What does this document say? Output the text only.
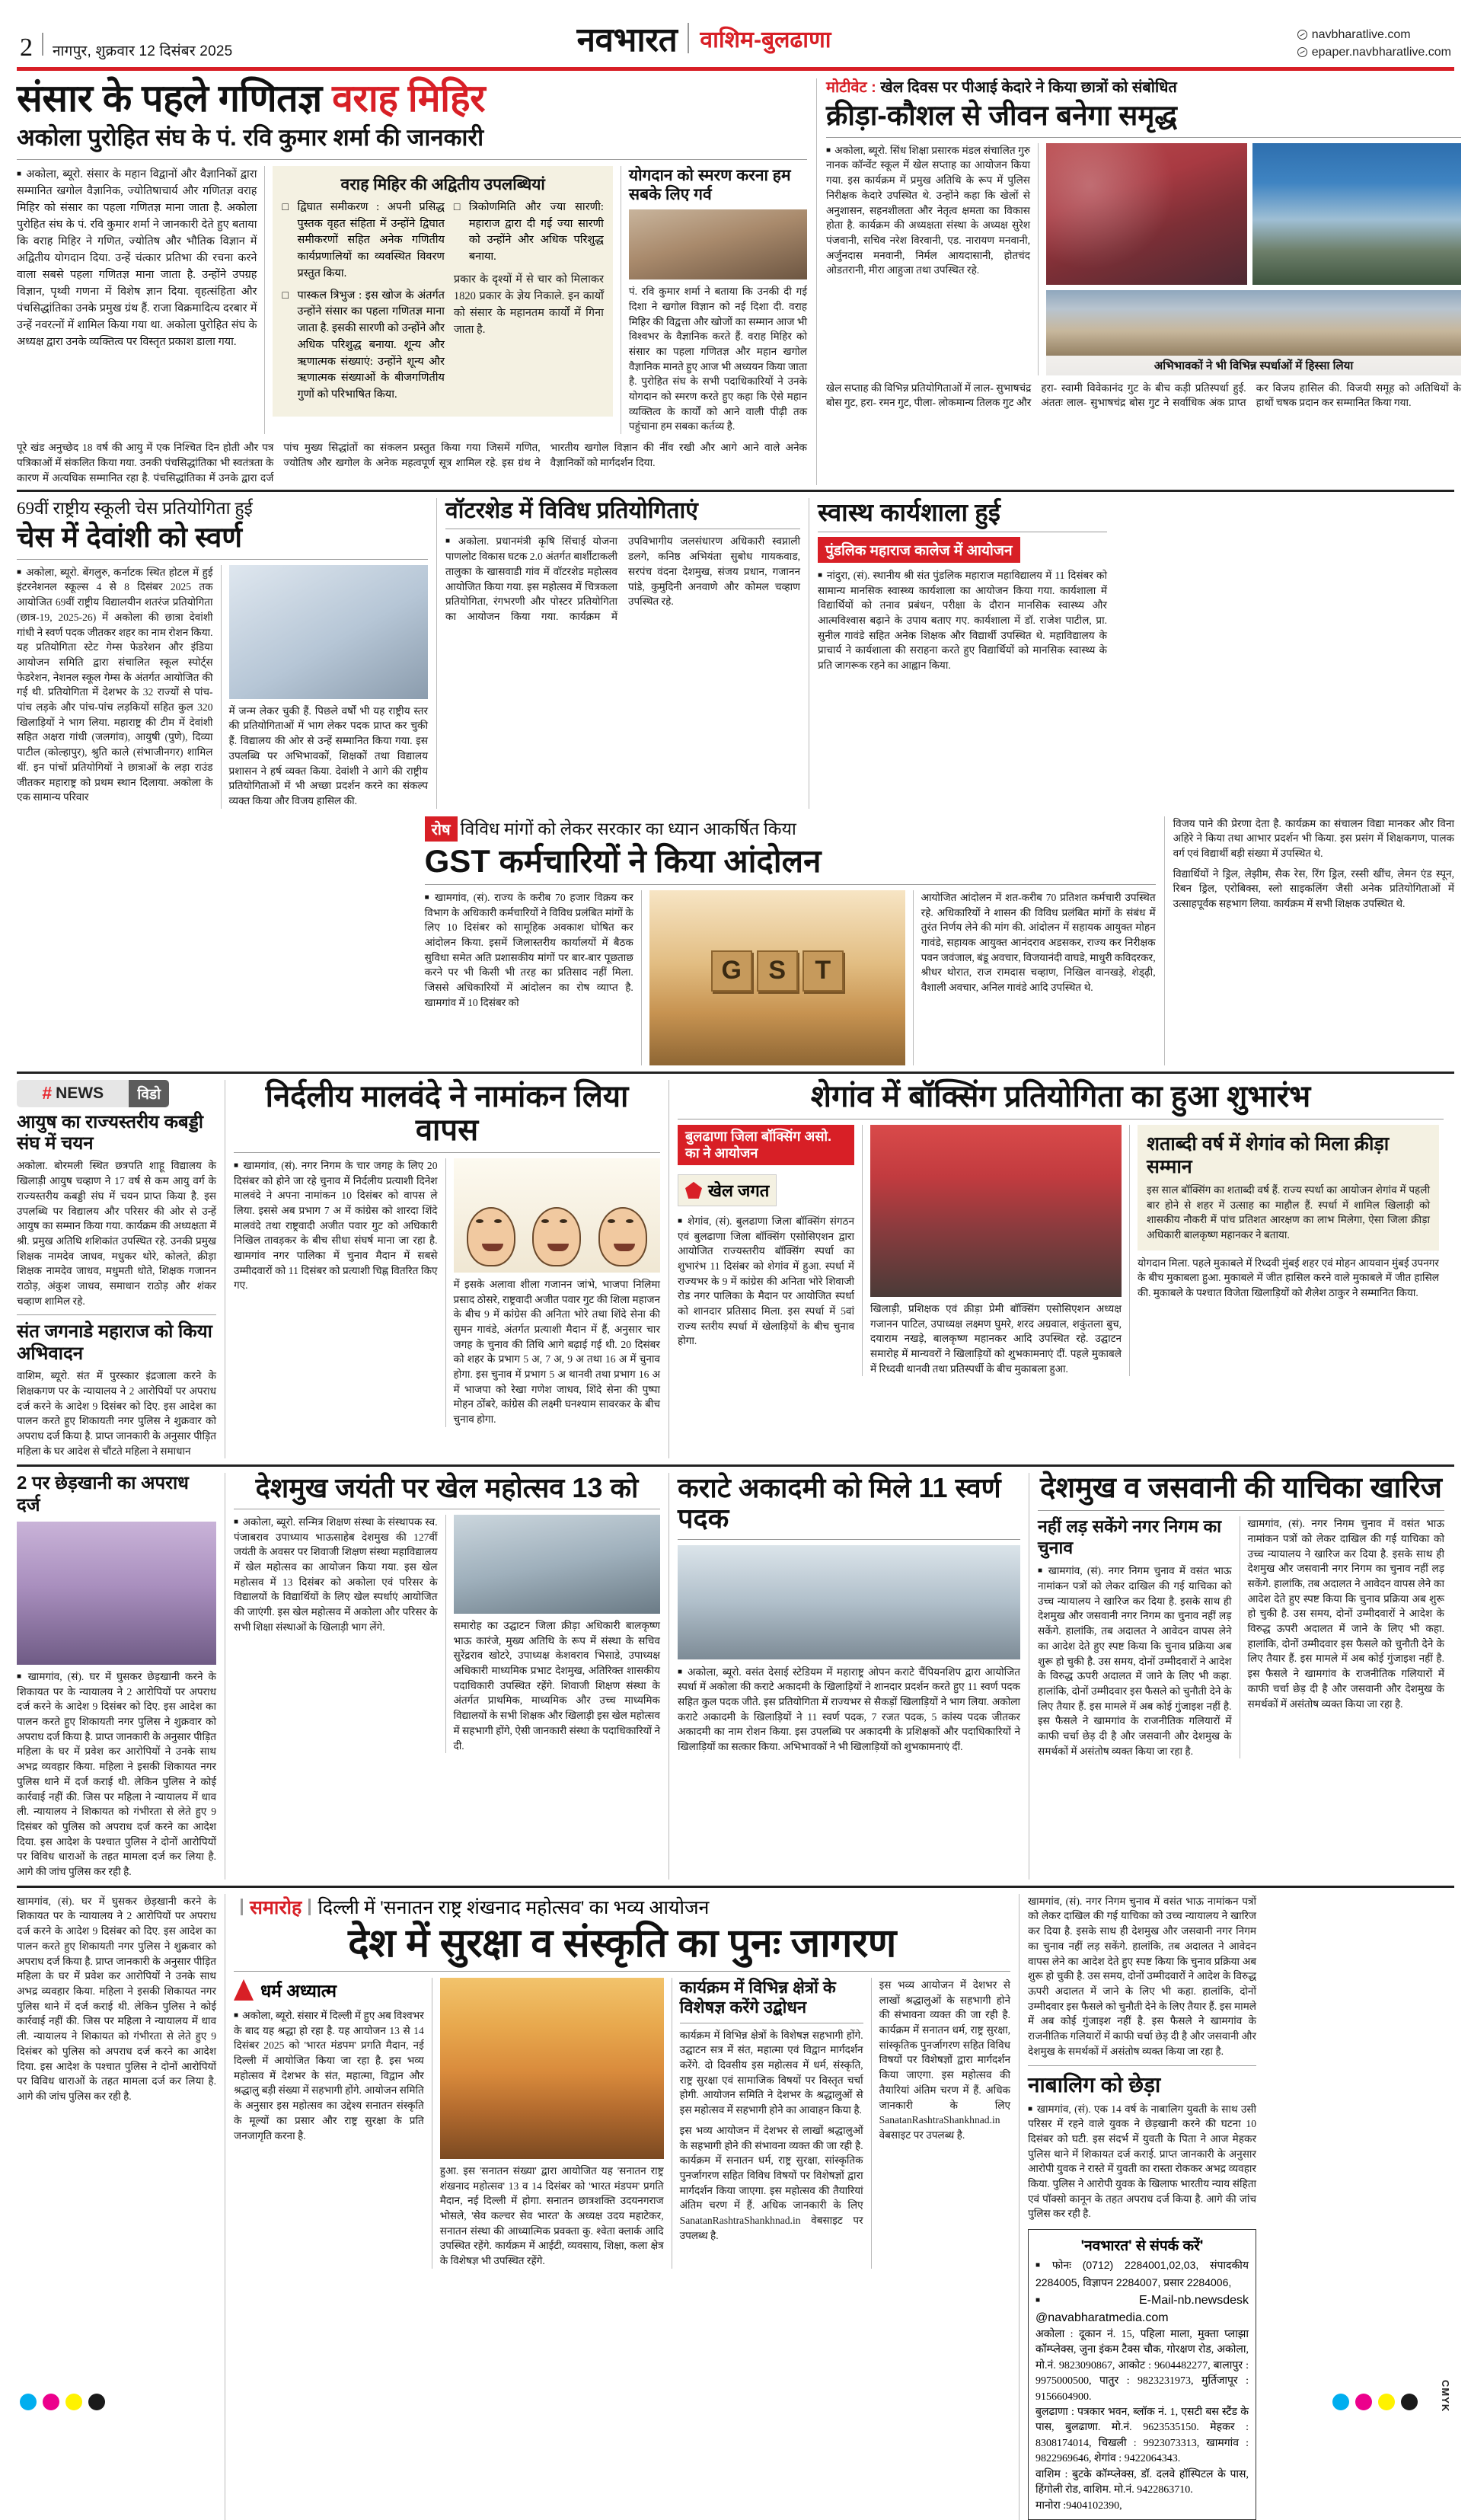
2 नागपुर, शुक्रवार 12 दिसंबर 2025	नवभारत वाशिम-बुलढाणा	navbharatlive.com
epaper.navbharatlive.com
संसार के पहले गणितज्ञ वराह मिहिर
अकोला पुरोहित संघ के पं. रवि कुमार शर्मा की जानकारी

■ अकोला, ब्यूरो. संसार के महान विद्वानों और वैज्ञानिकों द्वारा सम्मानित खगोल वैज्ञानिक, ज्योतिषाचार्य और गणितज्ञ वराह मिहिर को संसार का पहला गणितज्ञ माना जाता है. अकोला पुरोहित संघ के पं. रवि कुमार शर्मा ने जानकारी देते हुए बताया कि वराह मिहिर ने गणित, ज्योतिष और भौतिक विज्ञान में अद्वितीय योगदान दिया. उन्हें चंत्कार प्रतिभा की रचना करने वाला सबसे पहला गणितज्ञ माना जाता है. उन्होंने उपग्रह विज्ञान, पृथ्वी गणना में विशेष ज्ञान दिया. वृहत्संहिता और पंचसिद्धांतिका उनके प्रमुख ग्रंथ हैं. राजा विक्रमादित्य दरबार में उन्हें नवरत्नों में शामिल किया गया था. अकोला पुरोहित संघ के अध्यक्ष द्वारा उनके व्यक्तित्व पर विस्तृत प्रकाश डाला गया.

वराह मिहिर की अद्वितीय उपलब्धियां
□ द्विघात समीकरण : अपनी प्रसिद्ध पुस्तक वृहत संहिता में उन्होंने द्विघात समीकरणों सहित अनेक गणितीय कार्यप्रणालियों का व्यवस्थित विवरण प्रस्तुत किया.
□ पास्कल त्रिभुज : इस खोज के अंतर्गत उन्होंने संसार का पहला गणितज्ञ माना जाता है. इसकी सारणी को उन्होंने और अधिक परिशुद्ध बनाया. शून्य और ऋणात्मक संख्याएं: उन्होंने शून्य और ऋणात्मक संख्याओं के बीजगणितीय गुणों को परिभाषित किया.
□ त्रिकोणमिति और ज्या सारणी: महाराज द्वारा दी गई ज्या सारणी को उन्होंने और अधिक परिशुद्ध बनाया.

प्रकार के दृश्यों में से चार को मिलाकर 1820 प्रकार के ज्ञेय निकाले. इन कार्यों को संसार के महानतम कार्यों में गिना जाता है.

योगदान को स्मरण करना हम सबके लिए गर्व

पं. रवि कुमार शर्मा ने बताया कि उनकी दी गई दिशा ने खगोल विज्ञान को नई दिशा दी. वराह मिहिर की विद्वत्ता और खोजों का सम्मान आज भी विश्वभर के वैज्ञानिक करते हैं. वराह मिहिर को संसार का पहला गणितज्ञ और महान खगोल वैज्ञानिक मानते हुए आज भी अध्ययन किया जाता है. पुरोहित संघ के सभी पदाधिकारियों ने उनके योगदान को स्मरण करते हुए कहा कि ऐसे महान व्यक्तित्व के कार्यों को आने वाली पीढ़ी तक पहुंचाना हम सबका कर्तव्य है.

पूरे खंड अनुच्छेद 18 वर्ष की आयु में एक निश्चित दिन होती और पत्र पत्रिकाओं में संकलित किया गया. उनकी पंचसिद्धांतिका भी स्वतंत्रता के कारण में अत्यधिक सम्मानित रहा है. पंचसिद्धांतिका में उनके द्वारा दर्ज पांच मुख्य सिद्धांतों का संकलन प्रस्तुत किया गया जिसमें गणित, ज्योतिष और खगोल के अनेक महत्वपूर्ण सूत्र शामिल रहे. इस ग्रंथ ने भारतीय खगोल विज्ञान की नींव रखी और आगे आने वाले अनेक वैज्ञानिकों को मार्गदर्शन दिया.

मोटीवेट : खेल दिवस पर पीआई केदारे ने किया छात्रों को संबोधित
क्रीड़ा-कौशल से जीवन बनेगा समृद्ध

■ अकोला, ब्यूरो. सिंध शिक्षा प्रसारक मंडल संचालित गुरु नानक कॉन्वेंट स्कूल में खेल सप्ताह का आयोजन किया गया. इस कार्यक्रम में प्रमुख अतिथि के रूप में पुलिस निरीक्षक केदारे उपस्थित थे. उन्होंने कहा कि खेलों से अनुशासन, सहनशीलता और नेतृत्व क्षमता का विकास होता है. कार्यक्रम की अध्यक्षता संस्था के अध्यक्ष सुरेश पंजवानी, सचिव नरेश विरवानी, एड. नारायण मनवानी, अर्जुनदास मनवानी, निर्मल आयदासानी, होतचंद ओडतरानी, मीरा आहुजा तथा उपस्थित रहे.

अभिभावकों ने भी विभिन्न स्पर्धाओं में हिस्सा लिया

खेल सप्ताह की विभिन्न प्रतियोगिताओं में लाल- सुभाषचंद्र बोस गुट, हरा- रमन गुट, पीला- लोकमान्य तिलक गुट और हरा- स्वामी विवेकानंद गुट के बीच कड़ी प्रतिस्पर्धा हुई. अंततः लाल- सुभाषचंद्र बोस गुट ने सर्वाधिक अंक प्राप्त कर विजय हासिल की. विजयी समूह को अतिथियों के हाथों चषक प्रदान कर सम्मानित किया गया.

69वीं राष्ट्रीय स्कूली चेस प्रतियोगिता हुई
चेस में देवांशी को स्वर्ण

■ अकोला, ब्यूरो. बेंगलुरु, कर्नाटक स्थित होटल में हुई इंटरनेशनल स्कूल्स 4 से 8 दिसंबर 2025 तक आयोजित 69वीं राष्ट्रीय विद्यालयीन शतरंज प्रतियोगिता (छात्र-19, 2025-26) में अकोला की छात्रा देवांशी गांधी ने स्वर्ण पदक जीतकर शहर का नाम रोशन किया. यह प्रतियोगिता स्टेट गेम्स फेडरेशन और इंडिया आयोजन समिति द्वारा संचालित स्कूल स्पोर्ट्स फेडरेशन, नेशनल स्कूल गेम्स के अंतर्गत आयोजित की गई थी. प्रतियोगिता में देशभर के 32 राज्यों से पांच-पांच लड़के और पांच-पांच लड़कियों सहित कुल 320 खिलाड़ियों ने भाग लिया. महाराष्ट्र की टीम में देवांशी सहित अक्षरा गांधी (जलगांव), आयुषी (पुणे), दिव्या पाटील (कोल्हापुर), श्रुति कालेे (संभाजीनगर) शामिल थीं. इन पांचों प्रतियोगियों ने छात्राओं के लड़ा राउंड जीतकर महाराष्ट्र को प्रथम स्थान दिलाया. अकोला के एक सामान्य परिवार

में जन्म लेकर चुकी हैं. पिछले वर्षों भी यह राष्ट्रीय स्तर की प्रतियोगिताओं में भाग लेकर पदक प्राप्त कर चुकी हैं. विद्यालय की ओर से उन्हें सम्मानित किया गया. इस उपलब्धि पर अभिभावकों, शिक्षकों तथा विद्यालय प्रशासन ने हर्ष व्यक्त किया. देवांशी ने आगे की राष्ट्रीय प्रतियोगिताओं में भी अच्छा प्रदर्शन करने का संकल्प व्यक्त किया और विजय हासिल की.

वॉटरशेड में विविध प्रतियोगिताएं

■ अकोला. प्रधानमंत्री कृषि सिंचाई योजना पाणलोट विकास घटक 2.0 अंतर्गत बार्शीटाकली तालुका के खासवाडी गांव में वॉटरशेड महोत्सव आयोजित किया गया. इस महोत्सव में चित्रकला प्रतियोगिता, रंगभरणी और पोस्टर प्रतियोगिता का आयोजन किया गया. कार्यक्रम में उपविभागीय जलसंधारण अधिकारी स्वप्नाली डलगे, कनिष्ठ अभियंता सुबोध गायकवाड, सरपंच वंदना देशमुख, संजय प्रधान, गजानन पांडे, कुमुदिनी अनवाणे और कोमल चव्हाण उपस्थित रहे.

स्वास्थ कार्यशाला हुई
पुंडलिक महाराज कालेज में आयोजन

■ नांदुरा, (सं). स्थानीय श्री संत पुंडलिक महाराज महाविद्यालय में 11 दिसंबर को सामान्य मानसिक स्वास्थ्य कार्यशाला का आयोजन किया गया. कार्यशाला में विद्यार्थियों को तनाव प्रबंधन, परीक्षा के दौरान मानसिक स्वास्थ्य और आत्मविश्वास बढ़ाने के उपाय बताए गए. कार्यशाला में डॉ. राजेश पाटील, प्रा. सुनील गावंडे सहित अनेक शिक्षक और विद्यार्थी उपस्थित थे. महाविद्यालय के प्राचार्य ने कार्यशाला की सराहना करते हुए विद्यार्थियों को मानसिक स्वास्थ्य के प्रति जागरूक रहने का आह्वान किया.

रोष विविध मांगों को लेकर सरकार का ध्यान आकर्षित किया
GST कर्मचारियों ने किया आंदोलन

■ खामगांव, (सं). राज्य के करीब 70 हजार विक्रय कर विभाग के अधिकारी कर्मचारियों ने विविध प्रलंबित मांगों के लिए 10 दिसंबर को सामूहिक अवकाश घोषित कर आंदोलन किया. इसमें जिलास्तरीय कार्यालयों में बैठक सुविधा समेत अति प्रशासकीय मांगों पर बार-बार पूछताछ करने पर भी किसी भी तरह का प्रतिसाद नहीं मिला. जिससे अधिकारियों में आंदोलन का रोष व्याप्त है. खामगांव में 10 दिसंबर को

G	S	T

आयोजित आंदोलन में शत-करीब 70 प्रतिशत कर्मचारी उपस्थित रहे. अधिकारियों ने शासन की विविध प्रलंबित मांगों के संबंध में तुरंत निर्णय लेने की मांग की. आंदोलन में सहायक आयुक्त मोहन गावंडे, सहायक आयुक्त आनंदराव अडसकर, राज्य कर निरीक्षक पवन जवंजाल, बंडू अवचार, विजयानंदी वाघडे, माधुरी कविदरकर, श्रीधर थोरात, राज रामदास चव्हाण, निखिल वानखड़े, शेड्ढ़ी, वैशाली अवचार, अनिल गावंडे आदि उपस्थित थे.

विजय पाने की प्रेरणा देता है. कार्यक्रम का संचालन विद्या मानकर और विना अहिरे ने किया तथा आभार प्रदर्शन भी किया. इस प्रसंग में शिक्षकगण, पालक वर्ग एवं विद्यार्थी बड़ी संख्या में उपस्थित थे.

विद्यार्थियों ने ड्रिल, लेझीम, सैक रेस, रिंग ड्रिल, रस्सी खींच, लेमन एंड स्पून, रिबन ड्रिल, एरोबिक्स, स्लो साइकलिंग जैसी अनेक प्रतियोगिताओं में उत्साहपूर्वक सहभाग लिया. कार्यक्रम में सभी शिक्षक उपस्थित थे.

# NEWS	विडो
आयुष का राज्यस्तरीय कबड्डी संघ में चयन

अकोला. बोरमली स्थित छत्रपति शाहू विद्यालय के खिलाड़ी आयुष चव्हाण ने 17 वर्ष से कम आयु वर्ग के राज्यस्तरीय कबड्डी संघ में चयन प्राप्त किया है. इस उपलब्धि पर विद्यालय और परिसर की ओर से उन्हें आयुष का सम्मान किया गया. कार्यक्रम की अध्यक्षता में श्री. प्रमुख अतिथि शशिकांत उपस्थित रहे. उनकी प्रमुख शिक्षक नामदेव जाधव, मधुकर थोरे, कोलते, क्रीड़ा शिक्षक नामदेव जाधव, मधुमती धोते, शिक्षक गजानन राठोड़, अंकुश जाधव, समाधान राठोड़ और शंकर चव्हाण शामिल रहे.

संत जगनाडे महाराज को किया अभिवादन

वाशिम, ब्यूरो. संत में पुरस्कार इंद्रजाला करने के शिक्षकगण पर के न्यायालय ने 2 आरोपियों पर अपराध दर्ज करने के आदेश 9 दिसंबर को दिए. इस आदेश का पालन करते हुए शिकायती नगर पुलिस ने शुक्रवार को अपराध दर्ज किया है. प्राप्त जानकारी के अनुसार पीड़ित महिला के घर आदेश से चौंटते महिला ने समाधान

निर्दलीय मालवंदे ने नामांकन लिया वापस

■ खामगांव, (सं). नगर निगम के चार जगह के लिए 20 दिसंबर को होने जा रहे चुनाव में निर्दलीय प्रत्याशी दिनेश मालवंदे ने अपना नामांकन 10 दिसंबर को वापस ले लिया. इससे अब प्रभाग 7 अ में कांग्रेस को शारदा शिंदे मालवंदे तथा राष्ट्रवादी अजीत पवार गुट को अधिकारी निखिल तावड़कर के बीच सीधा संघर्ष माना जा रहा है. खामगांव नगर पालिका में चुनाव मैदान में सबसे उम्मीदवारों को 11 दिसंबर को प्रत्याशी चिह्न वितरित किए गए.	में इसके अलावा शीला गजानन जांभे, भाजपा निलिमा प्रसाद ठोसरे, राष्ट्रवादी अजीत पवार गुट की शिला महाजन के बीच 9 में कांग्रेस की अनिता भोरे तथा शिंदे सेना की सुमन गावंडे, अंतर्गत प्रत्याशी मैदान में हैं, अनुसार चार जगह के चुनाव की तिथि आगे बढ़ाई गई थी. 20 दिसंबर को शहर के प्रभाग 5 अ, 7 अ, 9 अ तथा 16 अ में चुनाव होगा. इस चुनाव में प्रभाग 5 अ थानवी तथा प्रभाग 16 अ में भाजपा को रेखा गणेश जाधव, शिंदे सेना की पुष्पा मोहन ठोंबरे, कांग्रेस की लक्ष्मी घनश्याम सावरकर के बीच चुनाव होगा.

शेगांव में बॉक्सिंग प्रतियोगिता का हुआ शुभारंभ
बुलढाणा जिला बॉक्सिंग असो. का ने आयोजन
खेल जगत

■ शेगांव, (सं). बुलढाणा जिला बॉक्सिंग संगठन एवं बुलढाणा जिला बॉक्सिंग एसोसिएशन द्वारा आयोजित राज्यस्तरीय बॉक्सिंग स्पर्धा का शुभारंभ 11 दिसंबर को शेगांव में हुआ. स्पर्धा में राज्यभर के 9 में कांग्रेस की अनिता भोरे शिवाजी रोड नगर पालिका के मैदान पर आयोजित स्पर्धा को शानदार प्रतिसाद मिला. इस स्पर्धा में 5वां राज्य स्तरीय स्पर्धा में खेलाड़ियों के बीच चुनाव होगा.

खिलाड़ी, प्रशिक्षक एवं क्रीड़ा प्रेमी बॉक्सिंग एसोसिएशन अध्यक्ष गजानन पाटिल, उपाध्यक्ष लक्ष्मण घुमरे, शरद अग्रवाल, शकुंतला बुच, दयाराम नखड़े, बालकृष्ण महानकर आदि उपस्थित रहे. उद्घाटन समारोह में मान्यवरों ने खिलाड़ियों को शुभकामनाएं दीं. पहले मुकाबले में रिध्दवी थानवी तथा प्रतिस्पर्धी के बीच मुकाबला हुआ.

शताब्दी वर्ष में शेगांव को मिला क्रीड़ा सम्मान

इस साल बॉक्सिंग का शताब्दी वर्ष हैं. राज्य स्पर्धा का आयोजन शेगांव में पहली बार होने से शहर में उत्साह का माहौल हैं. स्पर्धा में शामिल खिलाड़ी को शासकीय नौकरी में पांच प्रतिशत आरक्षण का लाभ मिलेगा, ऐसा जिला क्रीड़ा अधिकारी बालकृष्ण महानकर ने बताया.

योगदान मिला. पहले मुकाबले में रिध्दवी मुंबई शहर एवं मोहन आयवान मुंबई उपनगर के बीच मुकाबला हुआ. मुकाबले में जीत हासिल करने वाले मुकाबले में जीत हासिल की. मुकाबले के पश्चात विजेता खिलाड़ियों को शैलेश ठाकुर ने सम्मानित किया.

2 पर छेड़खानी का अपराध दर्ज

■ खामगांव, (सं). घर में घुसकर छेड़खानी करने के शिकायत पर के न्यायालय ने 2 आरोपियों पर अपराध दर्ज करने के आदेश 9 दिसंबर को दिए. इस आदेश का पालन करते हुए शिकायती नगर पुलिस ने शुक्रवार को अपराध दर्ज किया है. प्राप्त जानकारी के अनुसार पीड़ित महिला के घर में प्रवेश कर आरोपियों ने उनके साथ अभद्र व्यवहार किया. महिला ने इसकी शिकायत नगर पुलिस थाने में दर्ज कराई थी. लेकिन पुलिस ने कोई कार्रवाई नहीं की. जिस पर महिला ने न्यायालय में धाव ली. न्यायालय ने शिकायत को गंभीरता से लेते हुए 9 दिसंबर को पुलिस को अपराध दर्ज करने का आदेश दिया. इस आदेश के पश्चात पुलिस ने दोनों आरोपियों पर विविध धाराओं के तहत मामला दर्ज कर लिया है. आगे की जांच पुलिस कर रही है.

देशमुख जयंती पर खेल महोत्सव 13 को

■ अकोला, ब्यूरो. सन्मित्र शिक्षण संस्था के संस्थापक स्व. पंजाबराव उपाध्याय भाऊसाहेब देशमुख की 127वीं जयंती के अवसर पर शिवाजी शिक्षण संस्था महाविद्यालय में खेल महोत्सव का आयोजन किया गया. इस खेल महोत्सव में 13 दिसंबर को अकोला एवं परिसर के विद्यालयों के विद्यार्थियों के लिए खेल स्पर्धाएं आयोजित की जाएंगी. इस खेल महोत्सव में अकोला और परिसर के सभी शिक्षा संस्थाओं के खिलाड़ी भाग लेंगे.	समारोह का उद्घाटन जिला क्रीड़ा अधिकारी बालकृष्ण भाऊ कारंजे, मुख्य अतिथि के रूप में संस्था के सचिव सुरेंद्रराव खोटरे, उपाध्यक्ष केशवराव भिसाडे, उपाध्यक्ष अधिकारी माध्यमिक प्रभाट देशमुख, अतिरिक्त शासकीय पदाधिकारी उपस्थित रहेंगे. शिवाजी शिक्षण संस्था के अंतर्गत प्राथमिक, माध्यमिक और उच्च माध्यमिक विद्यालयों के सभी शिक्षक और खिलाड़ी इस खेल महोत्सव में सहभागी होंगे, ऐसी जानकारी संस्था के पदाधिकारियों ने दी.

कराटे अकादमी को मिले 11 स्वर्ण पदक

■ अकोला, ब्यूरो. वसंत देसाई स्टेडियम में महाराष्ट्र ओपन कराटे चैंपियनशिप द्वारा आयोजित स्पर्धा में अकोला की कराटे अकादमी के खिलाड़ियों ने शानदार प्रदर्शन करते हुए 11 स्वर्ण पदक सहित कुल पदक जीते. इस प्रतियोगिता में राज्यभर से सैकड़ों खिलाड़ियों ने भाग लिया. अकोला कराटे अकादमी के खिलाड़ियों ने 11 स्वर्ण पदक, 7 रजत पदक, 5 कांस्य पदक जीतकर अकादमी का नाम रोशन किया. इस उपलब्धि पर अकादमी के प्रशिक्षकों और पदाधिकारियों ने खिलाड़ियों का सत्कार किया. अभिभावकों ने भी खिलाड़ियों को शुभकामनाएं दीं.

देशमुख व जसवानी की याचिका खारिज
नहीं लड़ सकेंगे नगर निगम का चुनाव

■ खामगांव, (सं). नगर निगम चुनाव में वसंत भाऊ नामांकन पत्रों को लेकर दाखिल की गई याचिका को उच्च न्यायालय ने खारिज कर दिया है. इसके साथ ही देशमुख और जसवानी नगर निगम का चुनाव नहीं लड़ सकेंगे. हालांकि, तब अदालत ने आवेदन वापस लेने का आदेश देते हुए स्पष्ट किया कि चुनाव प्रक्रिया अब शुरू हो चुकी है. उस समय, दोनों उम्मीदवारों ने आदेश के विरुद्ध ऊपरी अदालत में जाने के लिए भी कहा. हालांकि, दोनों उम्मीदवार इस फैसले को चुनौती देने के लिए तैयार हैं. इस मामले में अब कोई गुंजाइश नहीं है. इस फैसले ने खामगांव के राजनीतिक गलियारों में काफी चर्चा छेड़ दी है और जसवानी और देशमुख के समर्थकों में असंतोष व्यक्त किया जा रहा है.

खामगांव, (सं). नगर निगम चुनाव में वसंत भाऊ नामांकन पत्रों को लेकर दाखिल की गई याचिका को उच्च न्यायालय ने खारिज कर दिया है. इसके साथ ही देशमुख और जसवानी नगर निगम का चुनाव नहीं लड़ सकेंगे. हालांकि, तब अदालत ने आवेदन वापस लेने का आदेश देते हुए स्पष्ट किया कि चुनाव प्रक्रिया अब शुरू हो चुकी है. उस समय, दोनों उम्मीदवारों ने आदेश के विरुद्ध ऊपरी अदालत में जाने के लिए भी कहा. हालांकि, दोनों उम्मीदवार इस फैसले को चुनौती देने के लिए तैयार हैं. इस मामले में अब कोई गुंजाइश नहीं है. इस फैसले ने खामगांव के राजनीतिक गलियारों में काफी चर्चा छेड़ दी है और जसवानी और देशमुख के समर्थकों में असंतोष व्यक्त किया जा रहा है.

खामगांव, (सं). घर में घुसकर छेड़खानी करने के शिकायत पर के न्यायालय ने 2 आरोपियों पर अपराध दर्ज करने के आदेश 9 दिसंबर को दिए. इस आदेश का पालन करते हुए शिकायती नगर पुलिस ने शुक्रवार को अपराध दर्ज किया है. प्राप्त जानकारी के अनुसार पीड़ित महिला के घर में प्रवेश कर आरोपियों ने उनके साथ अभद्र व्यवहार किया. महिला ने इसकी शिकायत नगर पुलिस थाने में दर्ज कराई थी. लेकिन पुलिस ने कोई कार्रवाई नहीं की. जिस पर महिला ने न्यायालय में धाव ली. न्यायालय ने शिकायत को गंभीरता से लेते हुए 9 दिसंबर को पुलिस को अपराध दर्ज करने का आदेश दिया. इस आदेश के पश्चात पुलिस ने दोनों आरोपियों पर विविध धाराओं के तहत मामला दर्ज कर लिया है. आगे की जांच पुलिस कर रही है.

समारोह दिल्ली में 'सनातन राष्ट्र शंखनाद महोत्सव' का भव्य आयोजन
देश में सुरक्षा व संस्कृति का पुनः जागरण
धर्म अध्यात्म

■ अकोला, ब्यूरो. संसार में दिल्ली में हुए अब विश्वभर के बाद यह श्रद्धा हो रहा है. यह आयोजन 13 से 14 दिसंबर 2025 को 'भारत मंडपम' प्रगति मैदान, नई दिल्ली में आयोजित किया जा रहा है. इस भव्य महोत्सव में देशभर के संत, महात्मा, विद्वान और श्रद्धालु बड़ी संख्या में सहभागी होंगे. आयोजन समिति के अनुसार इस महोत्सव का उद्देश्य सनातन संस्कृति के मूल्यों का प्रसार और राष्ट्र सुरक्षा के प्रति जनजागृति करना है.

हुआ. इस 'सनातन संख्या' द्वारा आयोजित यह 'सनातन राष्ट्र शंखनाद महोत्सव' 13 व 14 दिसंबर को 'भारत मंडपम' प्रगति मैदान, नई दिल्ली में होगा. सनातन छात्रशक्ति उदयनगराज भोसले, 'सेव कल्चर सेव भारत' के अध्यक्ष उदय महाटेकर, सनातन संस्था की आध्यात्मिक प्रवक्ता कु. श्वेता क्लार्क आदि उपस्थित रहेंगे. कार्यक्रम में आईटी, व्यवसाय, शिक्षा, कला क्षेत्र के विशेषज्ञ भी उपस्थित रहेंगे.

कार्यक्रम में विभिन्न क्षेत्रों के विशेषज्ञ करेंगे उद्बोधन

कार्यक्रम में विभिन्न क्षेत्रों के विशेषज्ञ सहभागी होंगे. उद्घाटन सत्र में संत, महात्मा एवं विद्वान मार्गदर्शन करेंगे. दो दिवसीय इस महोत्सव में धर्म, संस्कृति, राष्ट्र सुरक्षा एवं सामाजिक विषयों पर विस्तृत चर्चा होगी. आयोजन समिति ने देशभर के श्रद्धालुओं से इस महोत्सव में सहभागी होने का आवाहन किया है.

इस भव्य आयोजन में देशभर से लाखों श्रद्धालुओं के सहभागी होने की संभावना व्यक्त की जा रही है. कार्यक्रम में सनातन धर्म, राष्ट्र सुरक्षा, सांस्कृतिक पुनर्जागरण सहित विविध विषयों पर विशेषज्ञों द्वारा मार्गदर्शन किया जाएगा. इस महोत्सव की तैयारियां अंतिम चरण में हैं. अधिक जानकारी के लिए SanatanRashtraShankhnad.in वेबसाइट पर उपलब्ध है.

इस भव्य आयोजन में देशभर से लाखों श्रद्धालुओं के सहभागी होने की संभावना व्यक्त की जा रही है. कार्यक्रम में सनातन धर्म, राष्ट्र सुरक्षा, सांस्कृतिक पुनर्जागरण सहित विविध विषयों पर विशेषज्ञों द्वारा मार्गदर्शन किया जाएगा. इस महोत्सव की तैयारियां अंतिम चरण में हैं. अधिक जानकारी के लिए SanatanRashtraShankhnad.in वेबसाइट पर उपलब्ध है.

खामगांव, (सं). नगर निगम चुनाव में वसंत भाऊ नामांकन पत्रों को लेकर दाखिल की गई याचिका को उच्च न्यायालय ने खारिज कर दिया है. इसके साथ ही देशमुख और जसवानी नगर निगम का चुनाव नहीं लड़ सकेंगे. हालांकि, तब अदालत ने आवेदन वापस लेने का आदेश देते हुए स्पष्ट किया कि चुनाव प्रक्रिया अब शुरू हो चुकी है. उस समय, दोनों उम्मीदवारों ने आदेश के विरुद्ध ऊपरी अदालत में जाने के लिए भी कहा. हालांकि, दोनों उम्मीदवार इस फैसले को चुनौती देने के लिए तैयार हैं. इस मामले में अब कोई गुंजाइश नहीं है. इस फैसले ने खामगांव के राजनीतिक गलियारों में काफी चर्चा छेड़ दी है और जसवानी और देशमुख के समर्थकों में असंतोष व्यक्त किया जा रहा है.

नाबालिग को छेड़ा

■ खामगांव, (सं). एक 14 वर्ष के नाबालिग युवती के साथ उसी परिसर में रहने वाले युवक ने छेड़खानी करने की घटना 10 दिसंबर को घटी. इस संदर्भ में युवती के पिता ने आज मेहकर पुलिस थाने में शिकायत दर्ज कराई. प्राप्त जानकारी के अनुसार आरोपी युवक ने रास्ते में युवती का रास्ता रोककर अभद्र व्यवहार किया. पुलिस ने आरोपी युवक के खिलाफ भारतीय न्याय संहिता एवं पॉक्सो कानून के तहत अपराध दर्ज किया है. आगे की जांच पुलिस कर रही है.

'नवभारत' से संपर्क करें'

■ फोनः (0712) 2284001,02,03, संपादकीय 2284005, विज्ञापन 2284007, प्रसार 2284006,

■ E-Mail-nb.newsdesk @navabharatmedia.com

अकोला : दूकान नं. 15, पहिला माला, मुक्ता प्लाझा कॉम्प्लेक्स, जुना इंकम टैक्स चौक, गोरक्षण रोड, अकोला, मो.नं. 9823090867, आकोट : 9604482277, बालापुर : 9975000500, पातुर : 9823231973, मुर्तिजापूर : 9156604900.

बुलढाणा : पत्रकार भवन, ब्लॉक नं. 1, एसटी बस स्टैंड के पास, बुलढाणा. मो.नं. 9623535150. मेहकर : 8308174014, चिखली : 9923073313, खामगांव : 9822969646, शेगांव : 9422064343.

वाशिम : बुटके कॉम्प्लेक्स, डॉ. दलवे हॉस्पिटल के पास, हिंगोली रोड, वाशिम. मो.नं. 9422863710.

मानोरा :9404102390,

CMYK
